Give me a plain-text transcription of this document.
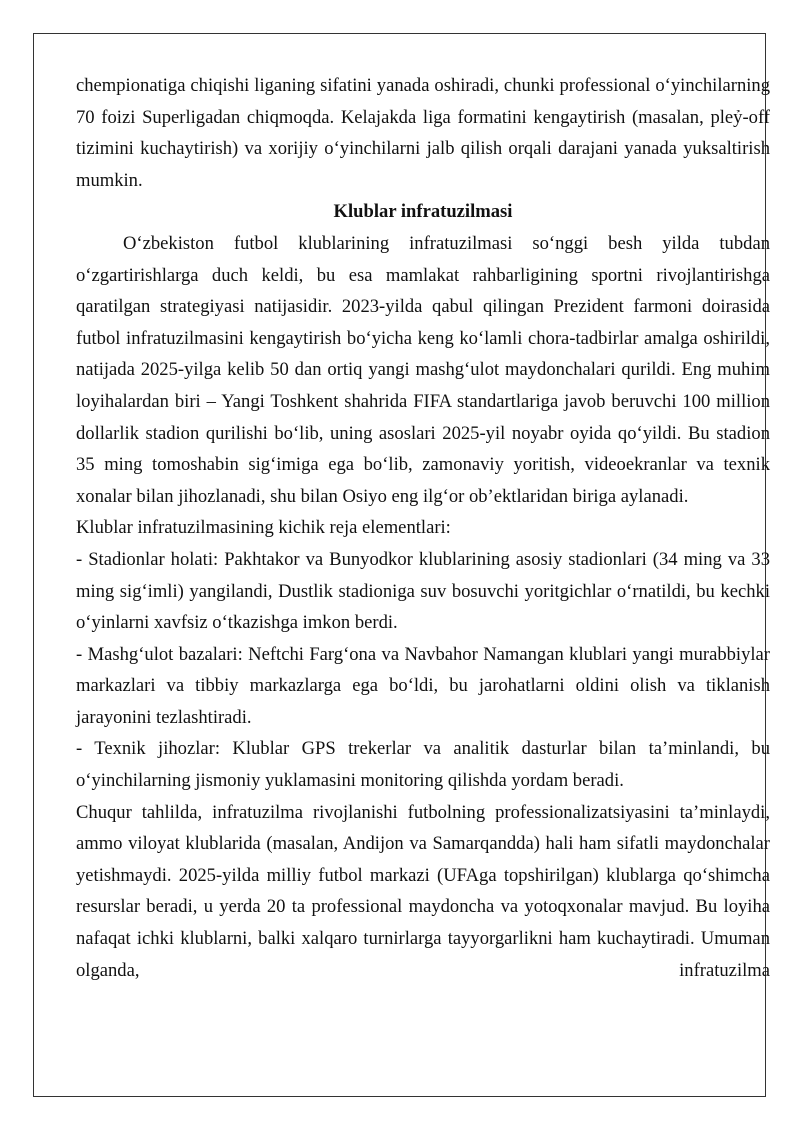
chempionatiga chiqishi liganing sifatini yanada oshiradi, chunki professional o‘yinchilarning 70 foizi Superligadan chiqmoqda. Kelajakda liga formatini kengaytirish (masalan, pleỷ-off tizimini kuchaytirish) va xorijiy o‘yinchilarni jalb qilish orqali darajani yanada yuksaltirish mumkin.

Klublar infratuzilmasi

O‘zbekiston futbol klublarining infratuzilmasi so‘nggi besh yilda tubdan o‘zgartirishlarga duch keldi, bu esa mamlakat rahbarligining sportni rivojlantirishga qaratilgan strategiyasi natijasidir. 2023-yilda qabul qilingan Prezident farmoni doirasida futbol infratuzilmasini kengaytirish bo‘yicha keng ko‘lamli chora-tadbirlar amalga oshirildi, natijada 2025-yilga kelib 50 dan ortiq yangi mashg‘ulot maydonchalari qurildi. Eng muhim loyihalardan biri – Yangi Toshkent shahrida FIFA standartlariga javob beruvchi 100 million dollarlik stadion qurilishi bo‘lib, uning asoslari 2025-yil noyabr oyida qo‘yildi. Bu stadion 35 ming tomoshabin sig‘imiga ega bo‘lib, zamonaviy yoritish, videoekranlar va texnik xonalar bilan jihozlanadi, shu bilan Osiyo eng ilg‘or ob’ektlaridan biriga aylanadi.

Klublar infratuzilmasining kichik reja elementlari:

- Stadionlar holati: Pakhtakor va Bunyodkor klublarining asosiy stadionlari (34 ming va 33 ming sig‘imli) yangilandi, Dustlik stadioniga suv bosuvchi yoritgichlar o‘rnatildi, bu kechki o‘yinlarni xavfsiz o‘tkazishga imkon berdi.

- Mashg‘ulot bazalari: Neftchi Farg‘ona va Navbahor Namangan klublari yangi murabbiylar markazlari va tibbiy markazlarga ega bo‘ldi, bu jarohatlarni oldini olish va tiklanish jarayonini tezlashtiradi.

- Texnik jihozlar: Klublar GPS trekerlar va analitik dasturlar bilan ta’minlandi, bu o‘yinchilarning jismoniy yuklamasini monitoring qilishda yordam beradi.

Chuqur tahlilda, infratuzilma rivojlanishi futbolning professionalizatsiyasini ta’minlaydi, ammo viloyat klublarida (masalan, Andijon va Samarqandda) hali ham sifatli maydonchalar yetishmaydi. 2025-yilda milliy futbol markazi (UFAga topshirilgan) klublarga qo‘shimcha resurslar beradi, u yerda 20 ta professional maydoncha va yotoqxonalar mavjud. Bu loyiha nafaqat ichki klublarni, balki xalqaro turnirlarga tayyorgarlikni ham kuchaytiradi. Umuman olganda, infratuzilma
